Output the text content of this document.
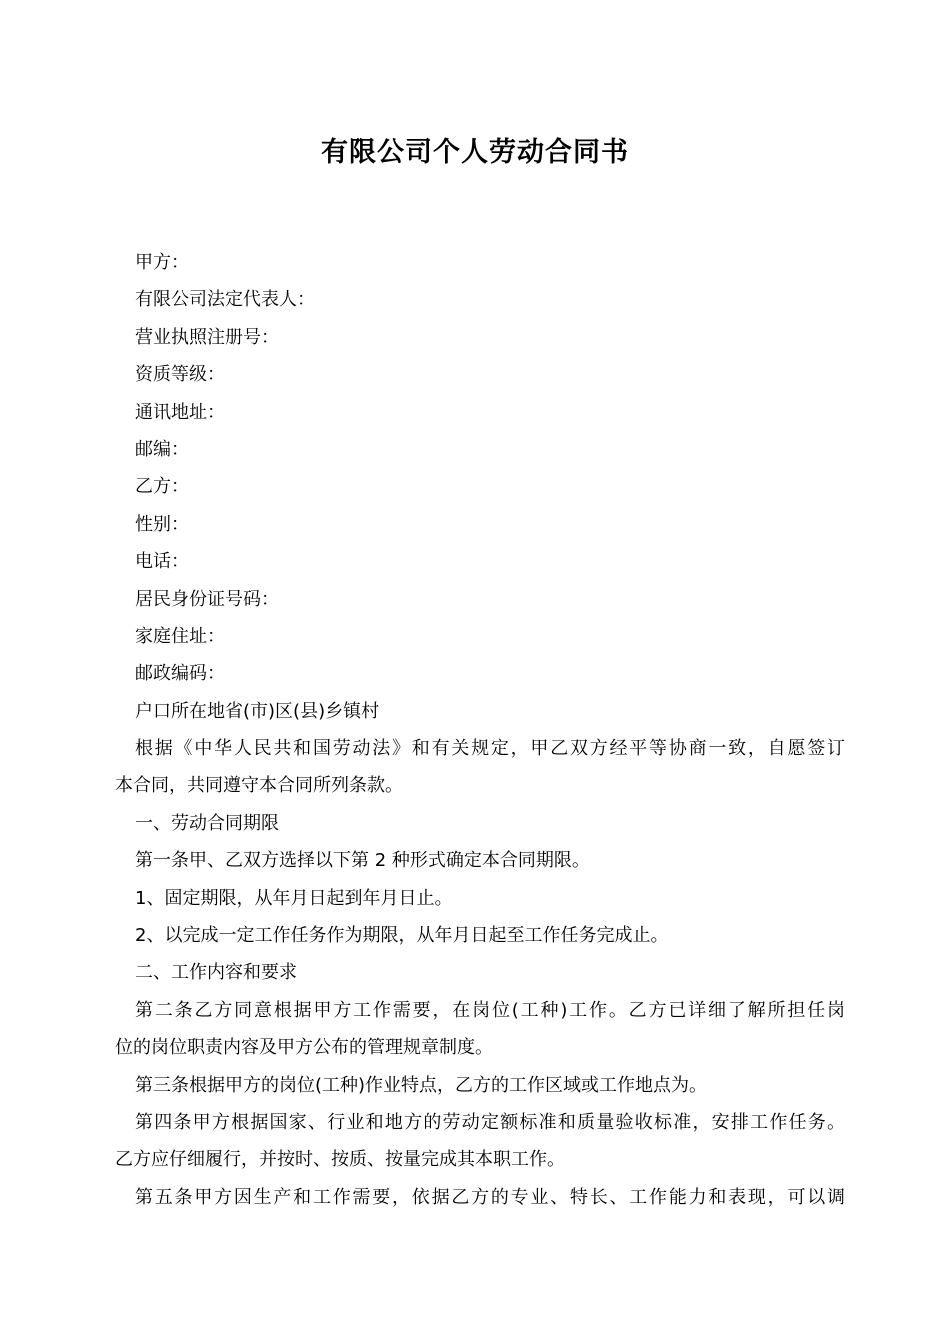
有限公司个人劳动合同书
甲方：
有限公司法定代表人：
营业执照注册号：
资质等级：
通讯地址：
邮编：
乙方：
性别：
电话：
居民身份证号码：
家庭住址：
邮政编码：
户口所在地省(市)区(县)乡镇村
根据《中华人民共和国劳动法》和有关规定，甲乙双方经平等协商一致，自愿签订
本合同，共同遵守本合同所列条款。
一、劳动合同期限
第一条甲、乙双方选择以下第 2 种形式确定本合同期限。
1、固定期限，从年月日起到年月日止。
2、以完成一定工作任务作为期限，从年月日起至工作任务完成止。
二、工作内容和要求
第二条乙方同意根据甲方工作需要，在岗位(工种)工作。乙方已详细了解所担任岗
位的岗位职责内容及甲方公布的管理规章制度。
第三条根据甲方的岗位(工种)作业特点，乙方的工作区域或工作地点为。
第四条甲方根据国家、行业和地方的劳动定额标准和质量验收标准，安排工作任务。
乙方应仔细履行，并按时、按质、按量完成其本职工作。
第五条甲方因生产和工作需要，依据乙方的专业、特长、工作能力和表现，可以调
